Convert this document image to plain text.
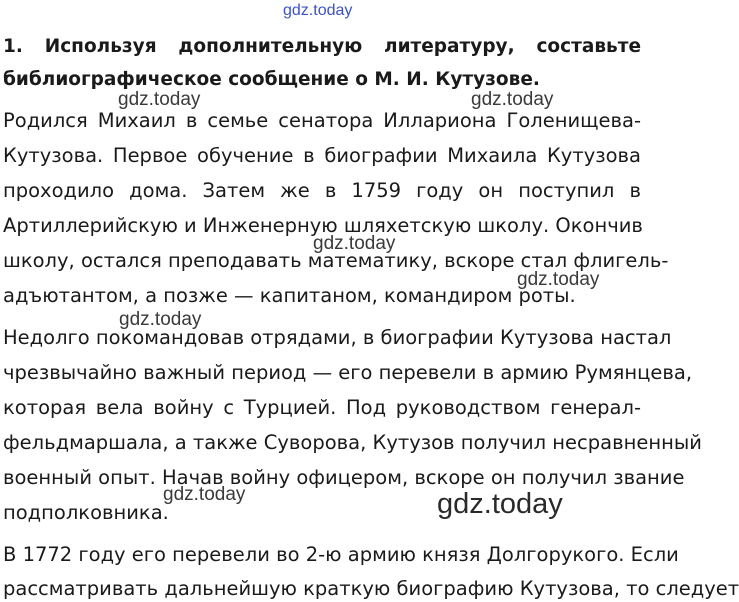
gdz.today
1. Используя дополнительную литературу, составьте
библиографическое сообщение о М. И. Кутузове.
Родился Михаил в семье сенатора Иллариона Голенищева-
Кутузова. Первое обучение в биографии Михаила Кутузова
проходило дома. Затем же в 1759 году он поступил в
Артиллерийскую и Инженерную шляхетскую школу. Окончив
школу, остался преподавать математику, вскоре стал флигель-
адъютантом, а позже — капитаном, командиром роты.
Недолго покомандовав отрядами, в биографии Кутузова настал
чрезвычайно важный период — его перевели в армию Румянцева,
которая вела войну с Турцией. Под руководством генерал-
фельдмаршала, а также Суворова, Кутузов получил несравненный
военный опыт. Начав войну офицером, вскоре он получил звание
подполковника.
В 1772 году его перевели во 2-ю армию князя Долгорукого. Если
рассматривать дальнейшую краткую биографию Кутузова, то следует
gdz.today	gdz.today
gdz.today
gdz.today
gdz.today
gdz.today	gdz.today
